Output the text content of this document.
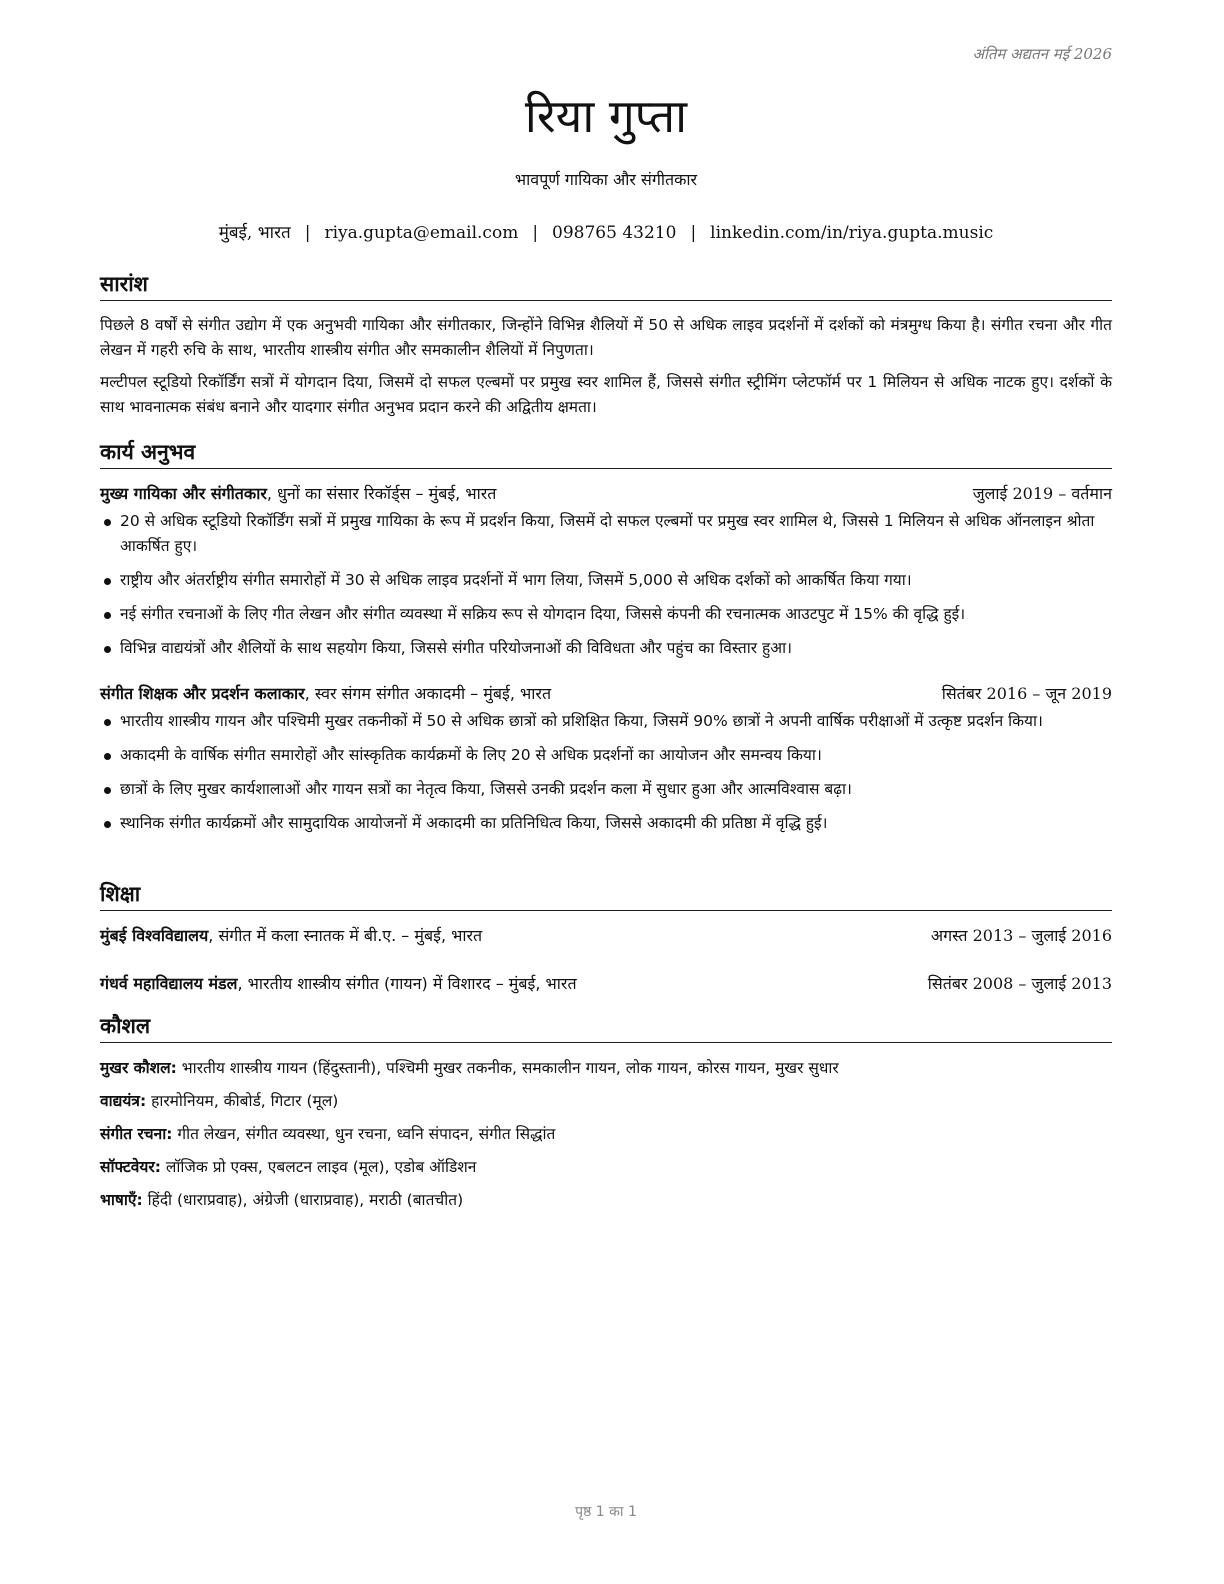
अंतिम अद्यतन मई 2026
रिया गुप्ता
भावपूर्ण गायिका और संगीतकार
मुंबई, भारत | riya.gupta@email.com | 098765 43210 | linkedin.com/in/riya.gupta.music
सारांश

पिछले 8 वर्षों से संगीत उद्योग में एक अनुभवी गायिका और संगीतकार, जिन्होंने विभिन्न शैलियों में 50 से अधिक लाइव प्रदर्शनों में दर्शकों को मंत्रमुग्ध किया है। संगीत रचना और गीत लेखन में गहरी रुचि के साथ, भारतीय शास्त्रीय संगीत और समकालीन शैलियों में निपुणता।

मल्टीपल स्टूडियो रिकॉर्डिंग सत्रों में योगदान दिया, जिसमें दो सफल एल्बमों पर प्रमुख स्वर शामिल हैं, जिससे संगीत स्ट्रीमिंग प्लेटफॉर्म पर 1 मिलियन से अधिक नाटक हुए। दर्शकों के साथ भावनात्मक संबंध बनाने और यादगार संगीत अनुभव प्रदान करने की अद्वितीय क्षमता।

कार्य अनुभव
मुख्य गायिका और संगीतकार, धुनों का संसार रिकॉर्ड्स – मुंबई, भारत	जुलाई 2019 – वर्तमान
20 से अधिक स्टूडियो रिकॉर्डिंग सत्रों में प्रमुख गायिका के रूप में प्रदर्शन किया, जिसमें दो सफल एल्बमों पर प्रमुख स्वर शामिल थे, जिससे 1 मिलियन से अधिक ऑनलाइन श्रोता आकर्षित हुए।
राष्ट्रीय और अंतर्राष्ट्रीय संगीत समारोहों में 30 से अधिक लाइव प्रदर्शनों में भाग लिया, जिसमें 5,000 से अधिक दर्शकों को आकर्षित किया गया।
नई संगीत रचनाओं के लिए गीत लेखन और संगीत व्यवस्था में सक्रिय रूप से योगदान दिया, जिससे कंपनी की रचनात्मक आउटपुट में 15% की वृद्धि हुई।
विभिन्न वाद्ययंत्रों और शैलियों के साथ सहयोग किया, जिससे संगीत परियोजनाओं की विविधता और पहुंच का विस्तार हुआ।
संगीत शिक्षक और प्रदर्शन कलाकार, स्वर संगम संगीत अकादमी – मुंबई, भारत	सितंबर 2016 – जून 2019
भारतीय शास्त्रीय गायन और पश्चिमी मुखर तकनीकों में 50 से अधिक छात्रों को प्रशिक्षित किया, जिसमें 90% छात्रों ने अपनी वार्षिक परीक्षाओं में उत्कृष्ट प्रदर्शन किया।
अकादमी के वार्षिक संगीत समारोहों और सांस्कृतिक कार्यक्रमों के लिए 20 से अधिक प्रदर्शनों का आयोजन और समन्वय किया।
छात्रों के लिए मुखर कार्यशालाओं और गायन सत्रों का नेतृत्व किया, जिससे उनकी प्रदर्शन कला में सुधार हुआ और आत्मविश्वास बढ़ा।
स्थानिक संगीत कार्यक्रमों और सामुदायिक आयोजनों में अकादमी का प्रतिनिधित्व किया, जिससे अकादमी की प्रतिष्ठा में वृद्धि हुई।
शिक्षा
मुंबई विश्वविद्यालय, संगीत में कला स्नातक में बी.ए. – मुंबई, भारत	अगस्त 2013 – जुलाई 2016
गंधर्व महाविद्यालय मंडल, भारतीय शास्त्रीय संगीत (गायन) में विशारद – मुंबई, भारत	सितंबर 2008 – जुलाई 2013
कौशल
मुखर कौशल: भारतीय शास्त्रीय गायन (हिंदुस्तानी), पश्चिमी मुखर तकनीक, समकालीन गायन, लोक गायन, कोरस गायन, मुखर सुधार
वाद्ययंत्र: हारमोनियम, कीबोर्ड, गिटार (मूल)
संगीत रचना: गीत लेखन, संगीत व्यवस्था, धुन रचना, ध्वनि संपादन, संगीत सिद्धांत
सॉफ्टवेयर: लॉजिक प्रो एक्स, एबलटन लाइव (मूल), एडोब ऑडिशन
भाषाएँ: हिंदी (धाराप्रवाह), अंग्रेजी (धाराप्रवाह), मराठी (बातचीत)
पृष्ठ 1 का 1
